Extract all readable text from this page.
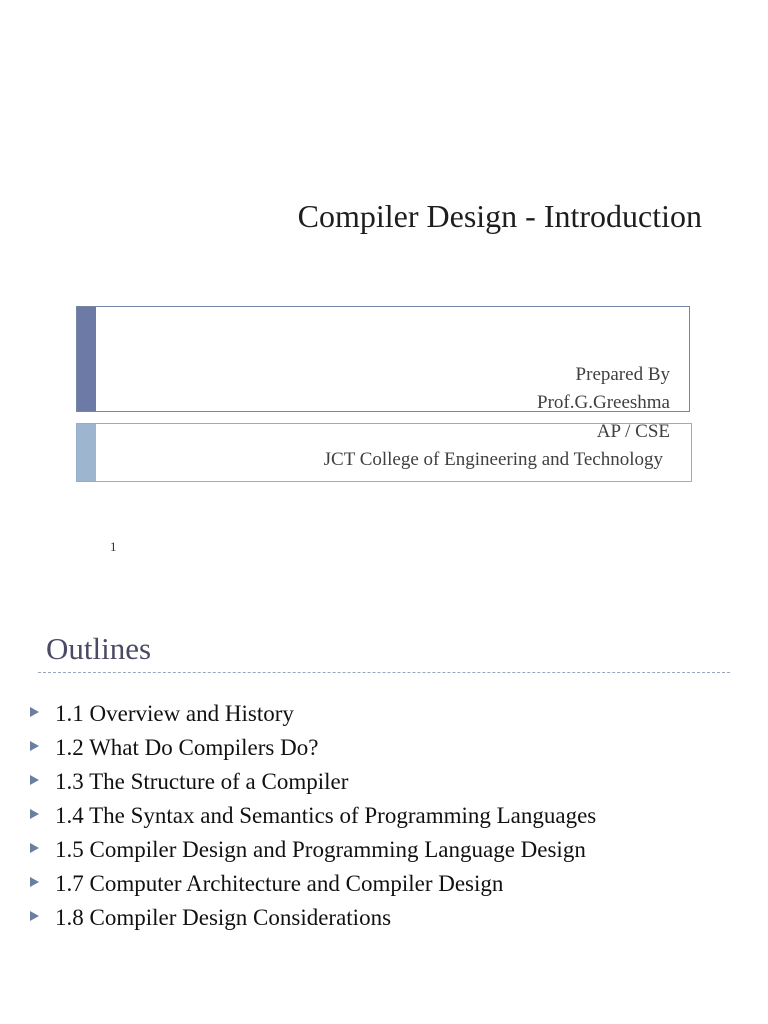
Compiler Design - Introduction
Prepared By
Prof.G.Greeshma
AP / CSE
JCT College of Engineering and Technology
1
Outlines
1.1 Overview and History
1.2 What Do Compilers Do?
1.3 The Structure of a Compiler
1.4 The Syntax and Semantics of Programming Languages
1.5 Compiler Design and Programming Language Design
1.7 Computer Architecture and Compiler Design
1.8 Compiler Design Considerations
